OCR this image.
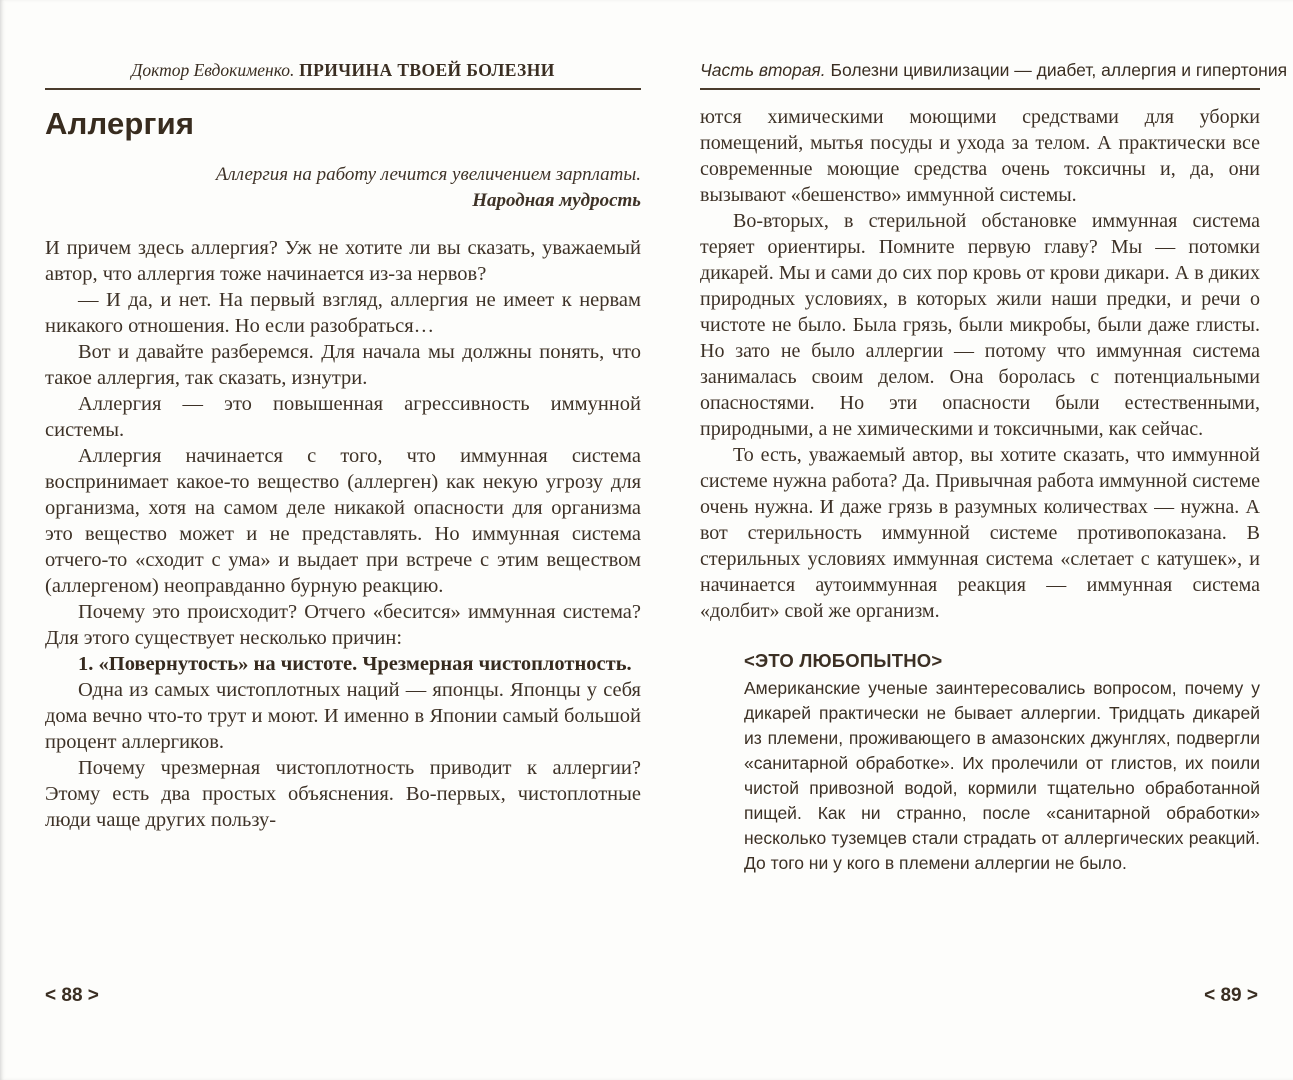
Доктор Евдокименко. ПРИЧИНА ТВОЕЙ БОЛЕЗНИ
Аллергия
Аллергия на работу лечится увеличением зарплаты.
Народная мудрость

И причем здесь аллергия? Уж не хотите ли вы сказать, уважаемый автор, что аллергия тоже начинается из-за нервов?

— И да, и нет. На первый взгляд, аллергия не имеет к нервам никакого отношения. Но если разобраться…

Вот и давайте разберемся. Для начала мы должны понять, что такое аллергия, так сказать, изнутри.

Аллергия — это повышенная агрессивность иммунной системы.

Аллергия начинается с того, что иммунная система воспринимает какое-то вещество (аллерген) как некую угрозу для организма, хотя на самом деле никакой опасности для организма это вещество может и не представлять. Но иммунная система отчего-то «сходит с ума» и выдает при встрече с этим веществом (аллергеном) неоправданно бурную реакцию.

Почему это происходит? Отчего «бесится» иммунная система? Для этого существует несколько причин:

1. «Повернутость» на чистоте. Чрезмерная чистоплотность.

Одна из самых чистоплотных наций — японцы. Японцы у себя дома вечно что-то трут и моют. И именно в Японии самый большой процент аллергиков.

Почему чрезмерная чистоплотность приводит к аллергии? Этому есть два простых объяснения. Во-первых, чистоплотные люди чаще других пользу-

Часть вторая. Болезни цивилизации — диабет, аллергия и гипертония

ются химическими моющими средствами для уборки помещений, мытья посуды и ухода за телом. А практически все современные моющие средства очень токсичны и, да, они вызывают «бешенство» иммунной системы.

Во-вторых, в стерильной обстановке иммунная система теряет ориентиры. Помните первую главу? Мы — потомки дикарей. Мы и сами до сих пор кровь от крови дикари. А в диких природных условиях, в которых жили наши предки, и речи о чистоте не было. Была грязь, были микробы, были даже глисты. Но зато не было аллергии — потому что иммунная система занималась своим делом. Она боролась с потенциальными опасностями. Но эти опасности были естественными, природными, а не химическими и токсичными, как сейчас.

То есть, уважаемый автор, вы хотите сказать, что иммунной системе нужна работа? Да. Привычная работа иммунной системе очень нужна. И даже грязь в разумных количествах — нужна. А вот стерильность иммунной системе противопоказана. В стерильных условиях иммунная система «слетает с катушек», и начинается аутоиммунная реакция — иммунная система «долбит» свой же организм.

<ЭТО ЛЮБОПЫТНО>
Американские ученые заинтересовались вопросом, почему у дикарей практически не бывает аллергии. Тридцать дикарей из племени, проживающего в амазонских джунглях, подвергли «санитарной обработке». Их пролечили от глистов, их поили чистой привозной водой, кормили тщательно обработанной пищей. Как ни странно, после «санитарной обработки» несколько туземцев стали страдать от аллергических реакций. До того ни у кого в племени аллергии не было.
< 88 >	< 89 >
